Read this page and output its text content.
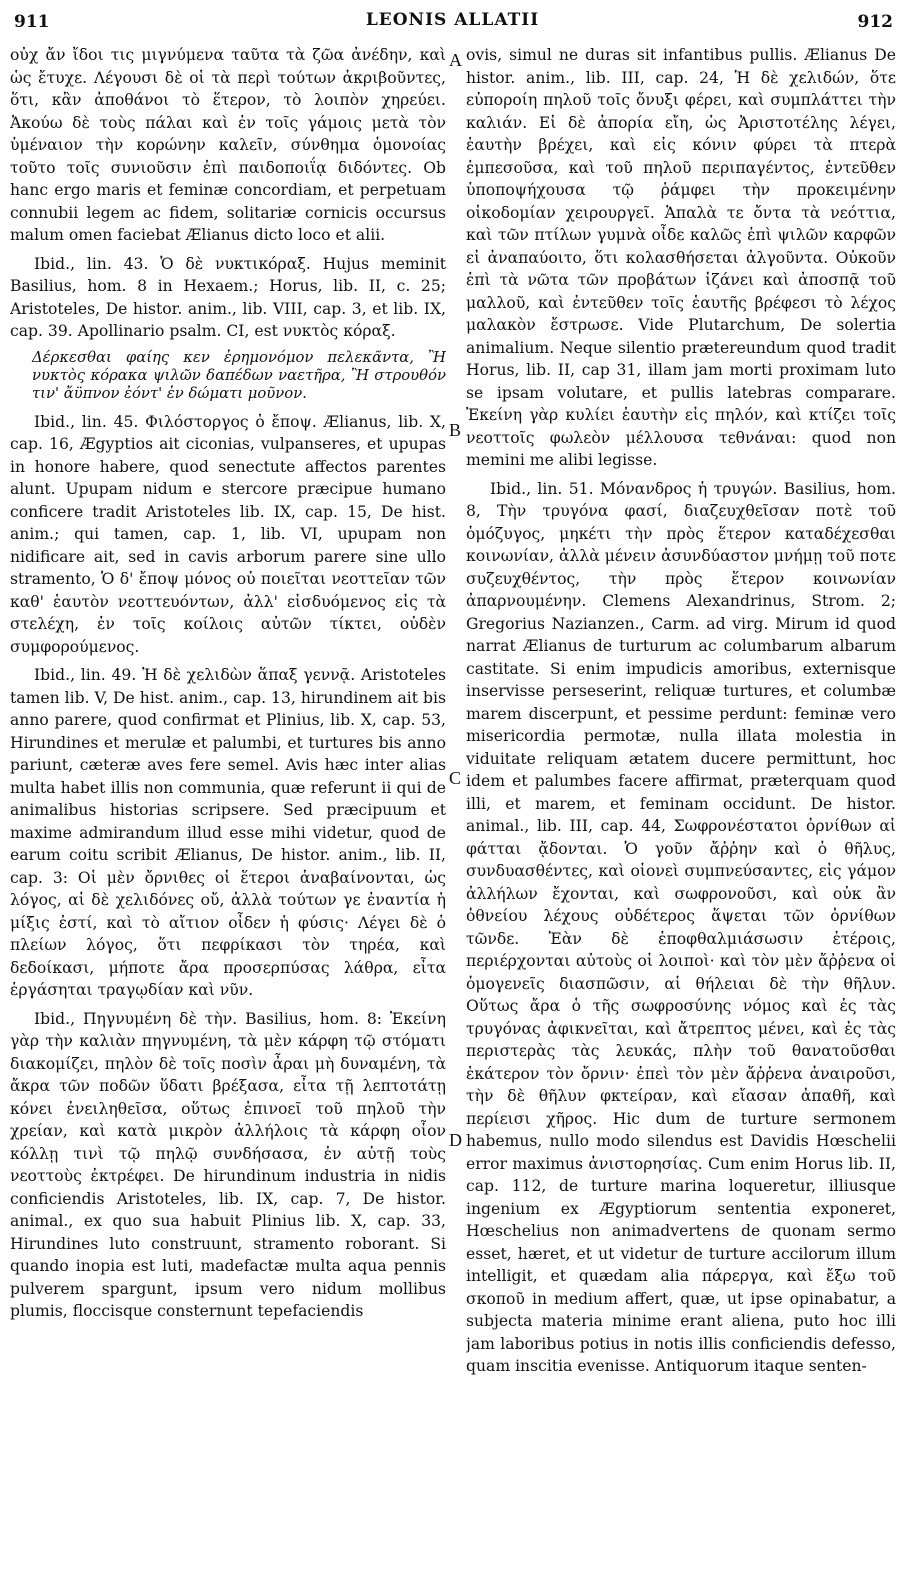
911	LEONIS ALLATII	912

οὐχ ἄν ἴδοι τις μιγνύμενα ταῦτα τὰ ζῶα ἀνέδην, καὶ ὡς ἔτυχε. Λέγουσι δὲ οἱ τὰ περὶ τούτων ἀκριβοῦντες, ὅτι, κἂν ἀποθάνοι τὸ ἕτερον, τὸ λοιπὸν χηρεύει. Ἀκούω δὲ τοὺς πάλαι καὶ ἐν τοῖς γάμοις μετὰ τὸν ὑμέναιον τὴν κορώνην καλεῖν, σύνθημα ὁμονοίας τοῦτο τοῖς συνιοῦσιν ἐπὶ παιδοποιΐᾳ διδόντες. Ob hanc ergo maris et feminæ concordiam, et perpetuam connubii legem ac fidem, solitariæ cornicis occursus malum omen faciebat Ælianus dicto loco et alii.

Ibid., lin. 43. Ὁ δὲ νυκτικόραξ. Hujus meminit Basilius, hom. 8 in Hexaem.; Horus, lib. II, c. 25; Aristoteles, De histor. anim., lib. VIII, cap. 3, et lib. IX, cap. 39. Apollinario psalm. CI, est νυκτὸς κόραξ.

Δέρκεσθαι φαίης κεν ἐρημονόμον πελεκᾶντα, Ἢ νυκτὸς κόρακα ψιλῶν δαπέδων ναετῆρα, Ἢ στρουθόν τιν' ἄϋπνον ἐόντ' ἐν δώματι μοῦνον.

Ibid., lin. 45. Φιλόστοργος ὁ ἔποψ. Ælianus, lib. X, cap. 16, Ægyptios ait ciconias, vulpanseres, et upupas in honore habere, quod senectute affectos parentes alunt. Upupam nidum e stercore præcipue humano conficere tradit Aristoteles lib. IX, cap. 15, De hist. anim.; qui tamen, cap. 1, lib. VI, upupam non nidificare ait, sed in cavis arborum parere sine ullo stramento, Ὁ δ' ἔποψ μόνος οὐ ποιεῖται νεοττεῖαν τῶν καθ' ἑαυτὸν νεοττευόντων, ἀλλ' εἰσδυόμενος εἰς τὰ στελέχη, ἐν τοῖς κοίλοις αὐτῶν τίκτει, οὐδὲν συμφορούμενος.

Ibid., lin. 49. Ἡ δὲ χελιδὼν ἅπαξ γεννᾷ. Aristoteles tamen lib. V, De hist. anim., cap. 13, hirundinem ait bis anno parere, quod confirmat et Plinius, lib. X, cap. 53, Hirundines et merulæ et palumbi, et turtures bis anno pariunt, cæteræ aves fere semel. Avis hæc inter alias multa habet illis non communia, quæ referunt ii qui de animalibus historias scripsere. Sed præcipuum et maxime admirandum illud esse mihi videtur, quod de earum coitu scribit Ælianus, De histor. anim., lib. II, cap. 3: Οἱ μὲν ὄρνιθες οἱ ἕτεροι ἀναβαίνονται, ὡς λόγος, αἱ δὲ χελιδόνες οὔ, ἀλλὰ τούτων γε ἐναντία ἡ μίξις ἐστί, καὶ τὸ αἴτιον οἶδεν ἡ φύσις· Λέγει δὲ ὁ πλείων λόγος, ὅτι πεφρίκασι τὸν τηρέα, καὶ δεδοίκασι, μήποτε ἄρα προσερπύσας λάθρα, εἶτα ἐργάσηται τραγῳδίαν καὶ νῦν.

Ibid., Πηγνυμένη δὲ τὴν. Basilius, hom. 8: Ἐκείνη γὰρ τὴν καλιὰν πηγνυμένη, τὰ μὲν κάρφη τῷ στόματι διακομίζει, πηλὸν δὲ τοῖς ποσὶν ἆραι μὴ δυναμένη, τὰ ἄκρα τῶν ποδῶν ὕδατι βρέξασα, εἶτα τῇ λεπτοτάτῃ κόνει ἐνειληθεῖσα, οὕτως ἐπινοεῖ τοῦ πηλοῦ τὴν χρείαν, καὶ κατὰ μικρὸν ἀλλήλοις τὰ κάρφη οἷον κόλλῃ τινὶ τῷ πηλῷ συνδήσασα, ἐν αὐτῇ τοὺς νεοττοὺς ἐκτρέφει. De hirundinum industria in nidis conficiendis Aristoteles, lib. IX, cap. 7, De histor. animal., ex quo sua habuit Plinius lib. X, cap. 33, Hirundines luto construunt, stramento roborant. Si quando inopia est luti, madefactæ multa aqua pennis pulverem spargunt, ipsum vero nidum mollibus plumis, floccisque consternunt tepefaciendis

A
B
C
D

ovis, simul ne duras sit infantibus pullis. Ælianus De histor. anim., lib. III, cap. 24, Ἡ δὲ χελιδών, ὅτε εὐποροίη πηλοῦ τοῖς ὄνυξι φέρει, καὶ συμπλάττει τὴν καλιάν. Εἰ δὲ ἀπορία εἴη, ὡς Ἀριστοτέλης λέγει, ἑαυτὴν βρέχει, καὶ εἰς κόνιν φύρει τὰ πτερὰ ἐμπεσοῦσα, καὶ τοῦ πηλοῦ περιπαγέντος, ἐντεῦθεν ὑποποψήχουσα τῷ ῥάμφει τὴν προκειμένην οἰκοδομίαν χειρουργεῖ. Ἁπαλὰ τε ὄντα τὰ νεόττια, καὶ τῶν πτίλων γυμνὰ οἶδε καλῶς ἐπὶ ψιλῶν καρφῶν εἰ ἀναπαύοιτο, ὅτι κολασθήσεται ἀλγοῦντα. Οὐκοῦν ἐπὶ τὰ νῶτα τῶν προβάτων ἱζάνει καὶ ἀποσπᾷ τοῦ μαλλοῦ, καὶ ἐντεῦθεν τοῖς ἑαυτῆς βρέφεσι τὸ λέχος μαλακὸν ἔστρωσε. Vide Plutarchum, De solertia animalium. Neque silentio prætereundum quod tradit Horus, lib. II, cap 31, illam jam morti proximam luto se ipsam volutare, et pullis latebras comparare. Ἐκείνη γὰρ κυλίει ἑαυτὴν εἰς πηλόν, καὶ κτίζει τοῖς νεοττοῖς φωλεὸν μέλλουσα τεθνάναι: quod non memini me alibi legisse.

Ibid., lin. 51. Μόνανδρος ἡ τρυγών. Basilius, hom. 8, Τὴν τρυγόνα φασί, διαζευχθεῖσαν ποτὲ τοῦ ὁμόζυγος, μηκέτι τὴν πρὸς ἕτερον καταδέχεσθαι κοινωνίαν, ἀλλὰ μένειν ἀσυνδύαστον μνήμῃ τοῦ ποτε συζευχθέντος, τὴν πρὸς ἕτερον κοινωνίαν ἀπαρνουμένην. Clemens Alexandrinus, Strom. 2; Gregorius Nazianzen., Carm. ad virg. Mirum id quod narrat Ælianus de turturum ac columbarum albarum castitate. Si enim impudicis amoribus, externisque inservisse perseserint, reliquæ turtures, et columbæ marem discerpunt, et pessime perdunt: feminæ vero misericordia permotæ, nulla illata molestia in viduitate reliquam ætatem ducere permittunt, hoc idem et palumbes facere affirmat, præterquam quod illi, et marem, et feminam occidunt. De histor. animal., lib. III, cap. 44, Σωφρονέστατοι ὀρνίθων αἱ φάτται ᾄδονται. Ὁ γοῦν ἄῤῥην καὶ ὁ θῆλυς, συνδυασθέντες, καὶ οἱονεὶ συμπνεύσαντες, εἰς γάμον ἀλλήλων ἔχονται, καὶ σωφρονοῦσι, καὶ οὐκ ἂν ὀθνείου λέχους οὐδέτερος ἅψεται τῶν ὀρνίθων τῶνδε. Ἐὰν δὲ ἐποφθαλμιάσωσιν ἑτέροις, περιέρχονται αὐτοὺς οἱ λοιποὶ· καὶ τὸν μὲν ἄῤῥενα οἱ ὁμογενεῖς διασπῶσιν, αἱ θήλειαι δὲ τὴν θῆλυν. Οὕτως ἄρα ὁ τῆς σωφροσύνης νόμος καὶ ἐς τὰς τρυγόνας ἀφικνεῖται, καὶ ἄτρεπτος μένει, καὶ ἐς τὰς περιστερὰς τὰς λευκάς, πλὴν τοῦ θανατοῦσθαι ἑκάτερον τὸν ὄρνιν· ἐπεὶ τὸν μὲν ἄῤῥενα ἀναιροῦσι, τὴν δὲ θῆλυν φκτείραν, καὶ εἴασαν ἀπαθῆ, καὶ περίεισι χῆρος. Hic dum de turture sermonem habemus, nullo modo silendus est Davidis Hœschelii error maximus ἀνιστορησίας. Cum enim Horus lib. II, cap. 112, de turture marina loqueretur, illiusque ingenium ex Ægyptiorum sententia exponeret, Hœschelius non animadvertens de quonam sermo esset, hæret, et ut videtur de turture accilorum illum intelligit, et quædam alia πάρεργα, καὶ ἔξω τοῦ σκοποῦ in medium affert, quæ, ut ipse opinabatur, a subjecta materia minime erant aliena, puto hoc illi jam laboribus potius in notis illis conficiendis defesso, quam inscitia evenisse. Antiquorum itaque senten-
